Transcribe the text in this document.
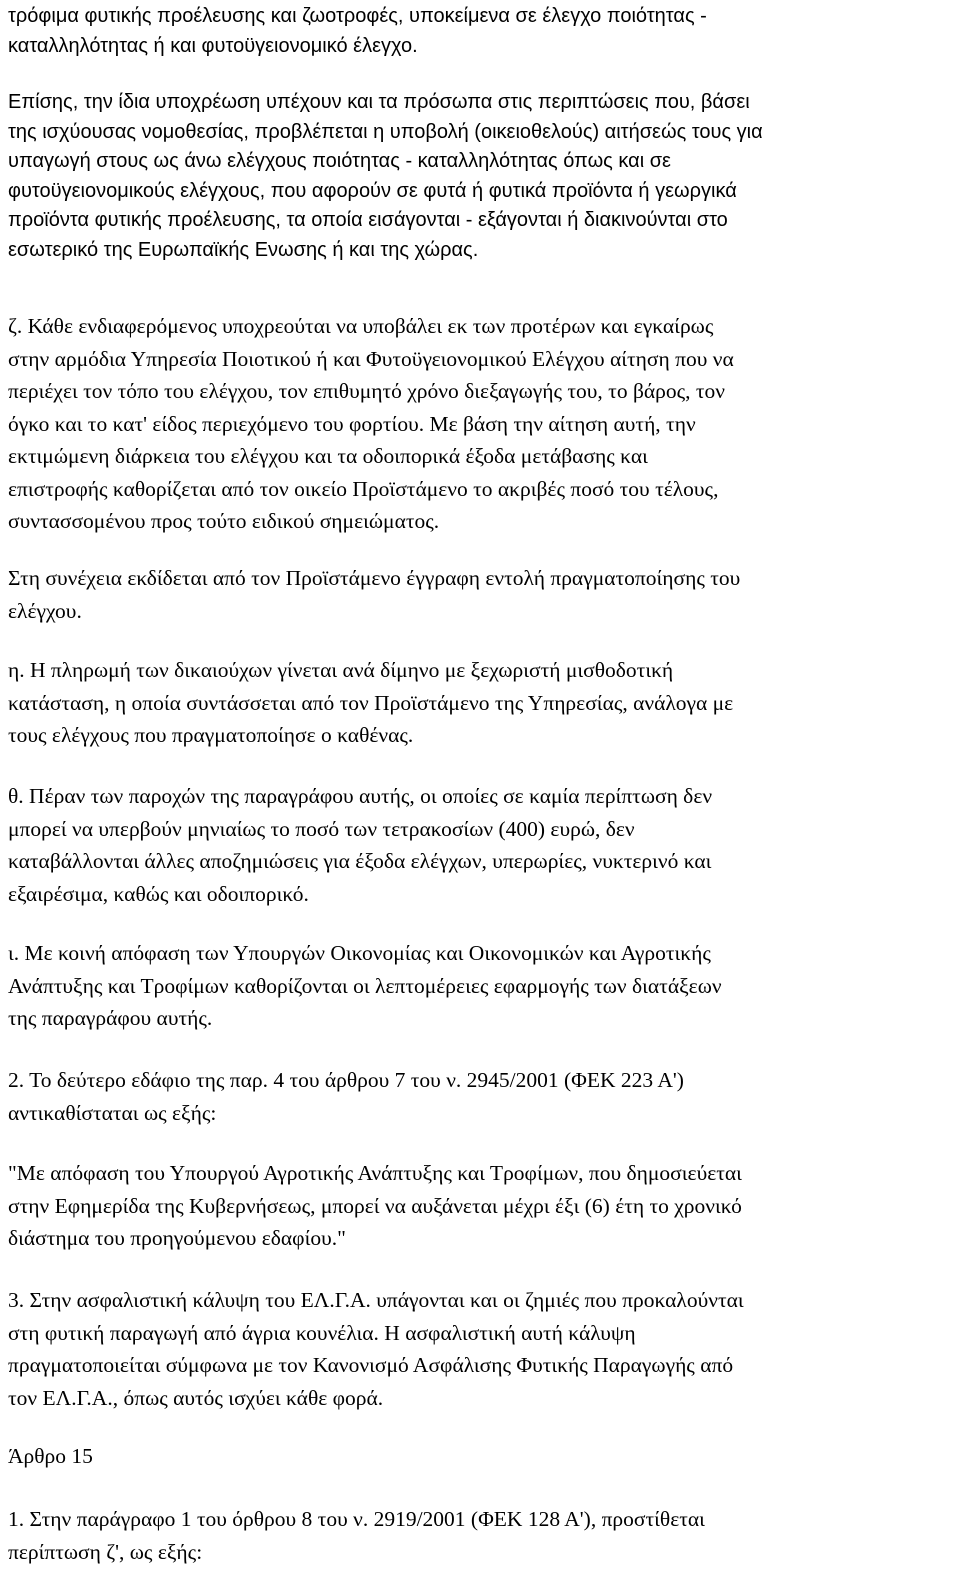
τρόφιμα φυτικής προέλευσης και ζωοτροφές, υποκείμενα σε έλεγχο ποιότητας -
καταλληλότητας ή και φυτοϋγειονομικό έλεγχο.
Επίσης, την ίδια υποχρέωση υπέχουν και τα πρόσωπα στις περιπτώσεις που, βάσει
της ισχύουσας νομοθεσίας, προβλέπεται η υποβολή (οικειοθελούς) αιτήσεώς τους για
υπαγωγή στους ως άνω ελέγχους ποιότητας - καταλληλότητας όπως και σε
φυτοϋγειονομικούς ελέγχους, που αφορούν σε φυτά ή φυτικά προϊόντα ή γεωργικά
προϊόντα φυτικής προέλευσης, τα οποία εισάγονται - εξάγονται ή διακινούνται στο
εσωτερικό της Ευρωπαϊκής Ενωσης ή και της χώρας.
ζ. Κάθε ενδιαφερόμενος υποχρεούται να υποβάλει εκ των προτέρων και εγκαίρως
στην αρμόδια Υπηρεσία Ποιοτικού ή και Φυτοϋγειονομικού Ελέγχου αίτηση που να
περιέχει τον τόπο του ελέγχου, τον επιθυμητό χρόνο διεξαγωγής του, το βάρος, τον
όγκο και το κατ' είδος περιεχόμενο του φορτίου. Με βάση την αίτηση αυτή, την
εκτιμώμενη διάρκεια του ελέγχου και τα οδοιπορικά έξοδα μετάβασης και
επιστροφής καθορίζεται από τον οικείο Προϊστάμενο το ακριβές ποσό του τέλους,
συντασσομένου προς τούτο ειδικού σημειώματος.
Στη συνέχεια εκδίδεται από τον Προϊστάμενο έγγραφη εντολή πραγματοποίησης του
ελέγχου.
η. Η πληρωμή των δικαιούχων γίνεται ανά δίμηνο με ξεχωριστή μισθοδοτική
κατάσταση, η οποία συντάσσεται από τον Προϊστάμενο της Υπηρεσίας, ανάλογα με
τους ελέγχους που πραγματοποίησε ο καθένας.
θ. Πέραν των παροχών της παραγράφου αυτής, οι οποίες σε καμία περίπτωση δεν
μπορεί να υπερβούν μηνιαίως το ποσό των τετρακοσίων (400) ευρώ, δεν
καταβάλλονται άλλες αποζημιώσεις για έξοδα ελέγχων, υπερωρίες, νυκτερινό και
εξαιρέσιμα, καθώς και οδοιπορικό.
ι. Με κοινή απόφαση των Υπουργών Οικονομίας και Οικονομικών και Αγροτικής
Ανάπτυξης και Τροφίμων καθορίζονται οι λεπτομέρειες εφαρμογής των διατάξεων
της παραγράφου αυτής.
2. Το δεύτερο εδάφιο της παρ. 4 του άρθρου 7 του ν. 2945/2001 (ΦΕΚ 223 Α')
αντικαθίσταται ως εξής:
"Με απόφαση του Υπουργού Αγροτικής Ανάπτυξης και Τροφίμων, που δημοσιεύεται
στην Εφημερίδα της Κυβερνήσεως, μπορεί να αυξάνεται μέχρι έξι (6) έτη το χρονικό
διάστημα του προηγούμενου εδαφίου."
3. Στην ασφαλιστική κάλυψη του ΕΛ.Γ.Α. υπάγονται και οι ζημιές που προκαλούνται
στη φυτική παραγωγή από άγρια κουνέλια. Η ασφαλιστική αυτή κάλυψη
πραγματοποιείται σύμφωνα με τον Κανονισμό Ασφάλισης Φυτικής Παραγωγής από
τον ΕΛ.Γ.Α., όπως αυτός ισχύει κάθε φορά.
Άρθρο 15
1. Στην παράγραφο 1 του όρθρου 8 του ν. 2919/2001 (ΦΕΚ 128 Α'), προστίθεται
περίπτωση ζ', ως εξής:
